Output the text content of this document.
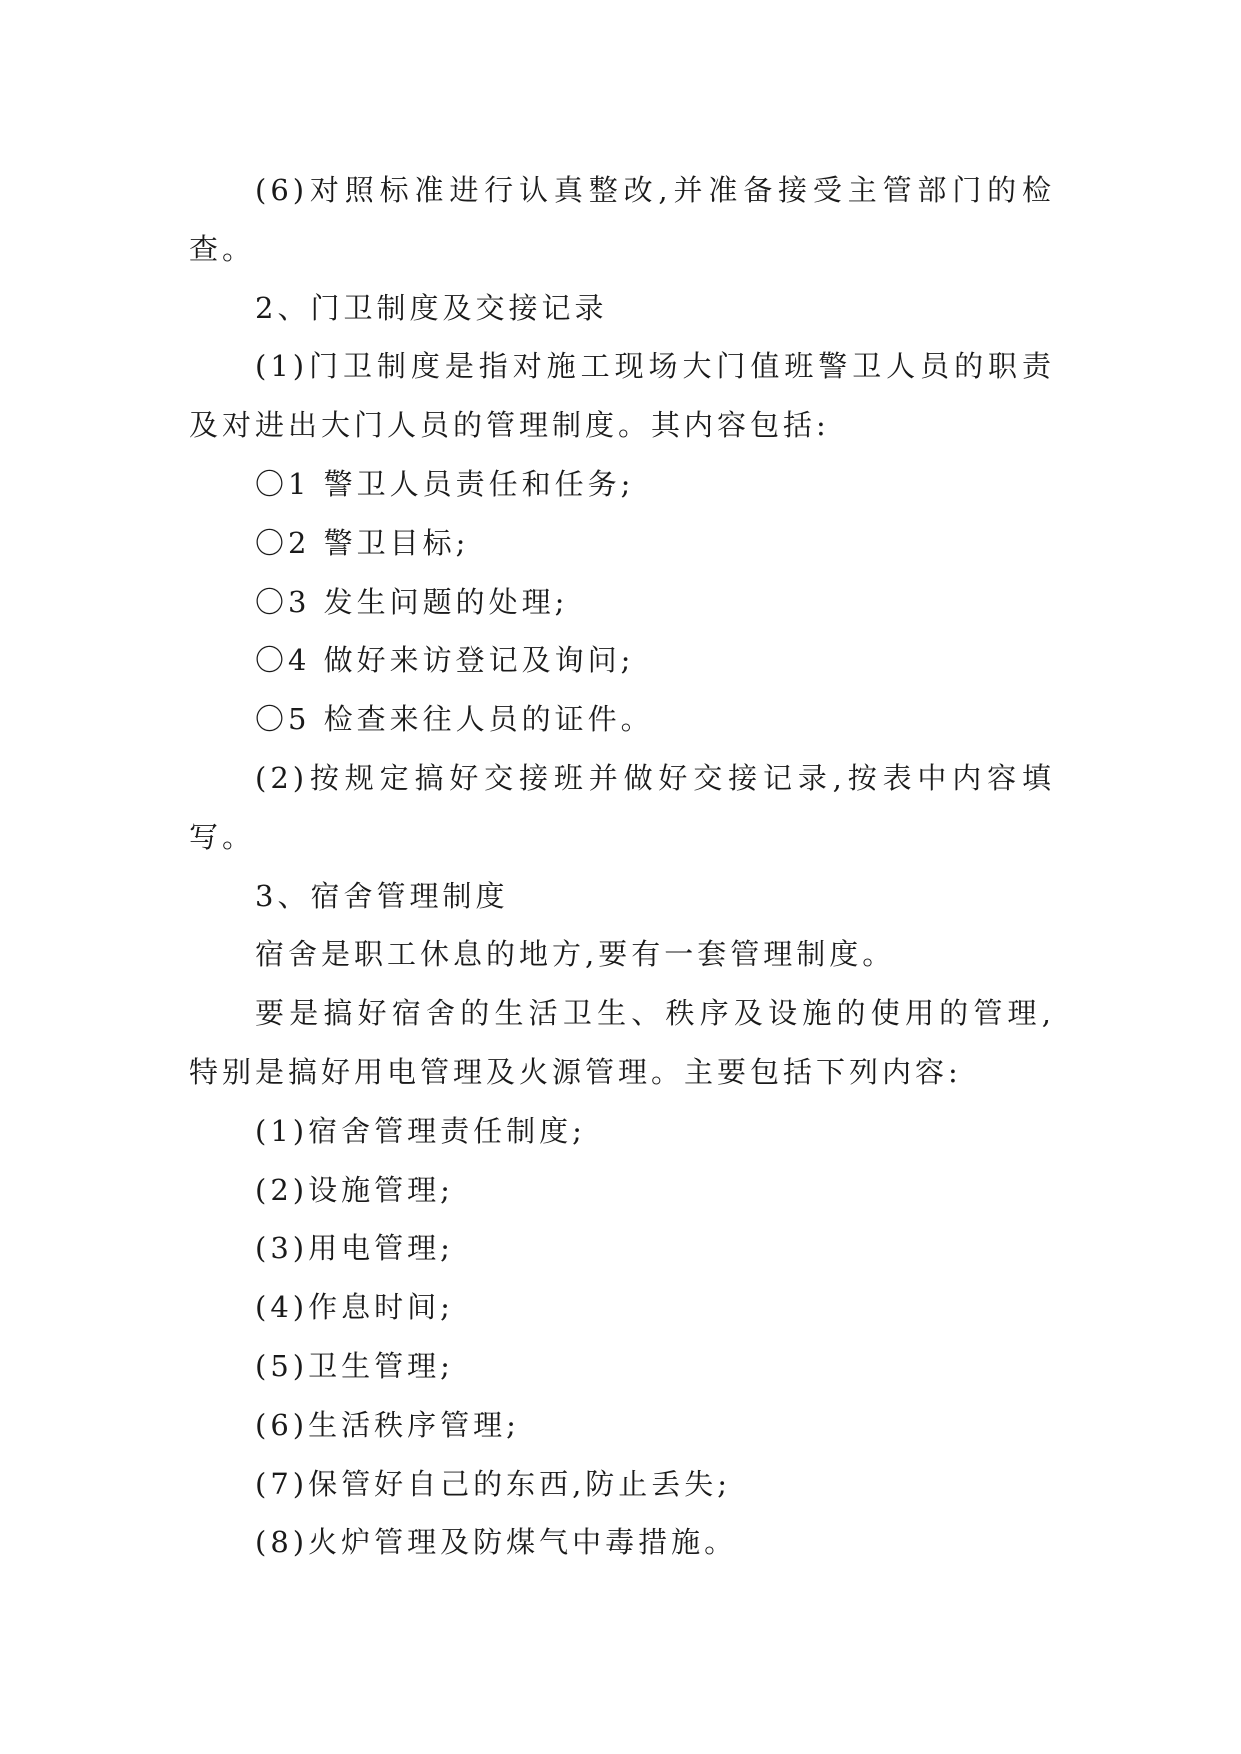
(6)对照标准进行认真整改,并准备接受主管部门的检
查。
2、门卫制度及交接记录
(1)门卫制度是指对施工现场大门值班警卫人员的职责
及对进出大门人员的管理制度。其内容包括:
〇1 警卫人员责任和任务;
〇2 警卫目标;
〇3 发生问题的处理;
〇4 做好来访登记及询问;
〇5 检查来往人员的证件。
(2)按规定搞好交接班并做好交接记录,按表中内容填
写。
3、宿舍管理制度
宿舍是职工休息的地方,要有一套管理制度。
要是搞好宿舍的生活卫生、秩序及设施的使用的管理,
特别是搞好用电管理及火源管理。主要包括下列内容:
(1)宿舍管理责任制度;
(2)设施管理;
(3)用电管理;
(4)作息时间;
(5)卫生管理;
(6)生活秩序管理;
(7)保管好自己的东西,防止丢失;
(8)火炉管理及防煤气中毒措施。
